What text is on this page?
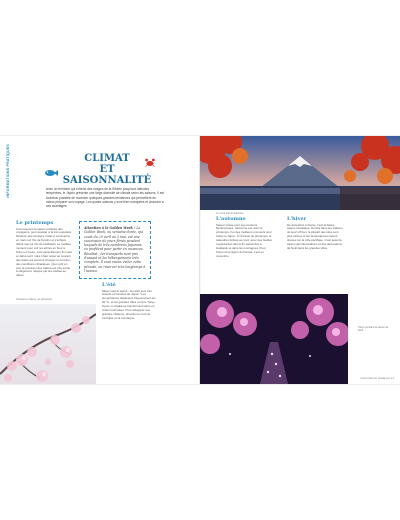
INFORMATIONS PRATIQUES	CLIMAT
ET SAISONNALITÉ

Avec un territoire qui s'étend des rivages de la Sibérie jusqu'aux latitudes tempérées, le Japon présente une large diversité de climats selon les saisons. Il est toutefois possible de recenser quelques grandes tendances qui permettent de mieux préparer son voyage. Les quatre saisons y sont bien marquées et chacune a ses avantages.

Le printemps

C'est souvent la saison préférée des voyageurs, pour assister à la très populaire floraison des cerisiers. Celle-ci commence en mars sur l'île de Kyushu et s'achève début mai sur l'île de Hokkaido. Le meilleur moment pour voir les arbres en fleur à Tokyo et Kyoto, c'est généralement fin mars et début avril, mais il faut rester au courant des dates qui peuvent changer en fonction des conditions climatiques. Quoi qu'il en soit, la prévision des sakura est très suivie et largement relayée par les médias au Japon.

Attention à la Golden Week ! La Golden Week, ou semaine dorée, qui court du 29 avril au 5 mai, est une succession de jours fériés pendant lesquels de très nombreux Japonais en profitent pour partir en vacances. Résultat : les transports sont pris d'assaut et les hébergements très complets. Il vaut mieux éviter cette période, ou réserver très longtemps à l'avance.
L'été

Mieux vaut le savoir : les étés sont très chauds et humides au Japon ! Les températures dépassent fréquemment les 30 °C, et les grandes villes comme Tokyo, Kyoto ou Osaka se transforment alors en vraies fournaises. Pour échapper aux grandes chaleurs, direction le nord de l'archipel ou la montagne.

Cerisiers en fleurs, au printemps.
Le mont Fuji à l'automne.
L'automne

Saison prisée pour ses couleurs flamboyantes, l'automne est, avec le printemps, l'un des meilleurs moments pour visiter le Japon. À l'inverse du printemps, le calendrier débute au nord, avec des feuilles rougissantes dès la fin septembre à Hokkaido et dans les montagnes. Pour Tokyo et la région du Kansai, c'est en novembre.

L'hiver

De décembre à février, c'est la basse saison touristique. Hormis dans les stations de sport d'hiver, la plupart des sites sont plus calmes et les températures restent douces sur la côte pacifique. C'est aussi la saison des illuminations et des décorations de Noël dans les grandes villes.

Tokyo pendant la saison de Noël.
Informations pratiques 11
